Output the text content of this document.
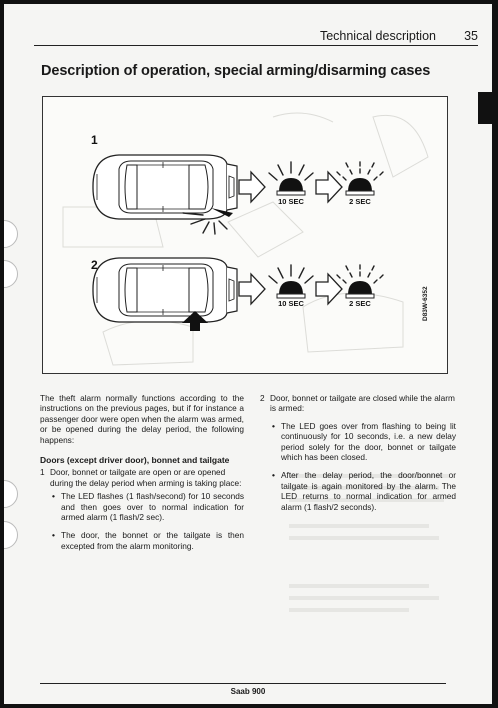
Technical description 35
Description of operation, special arming/disarming cases
1
10 SEC	2 SEC
2
10 SEC	2 SEC	D83W-6352

The theft alarm normally functions according to the instructions on the previous pages, but if for instance a passenger door were open when the alarm was armed, or be opened during the delay period, the following happens:

Doors (except driver door), bonnet and tailgate
1 Door, bonnet or tailgate are open or are opened during the delay period when arming is taking place:
• The LED flashes (1 flash/second) for 10 seconds and then goes over to normal indication for armed alarm (1 flash/2 sec).
• The door, the bonnet or the tailgate is then excepted from the alarm monitoring.
2 Door, bonnet or tailgate are closed while the alarm is armed:
• The LED goes over from flashing to being lit continuously for 10 seconds, i.e. a new delay period solely for the door, bonnet or tailgate which has been closed.
• After the delay period, the door/bonnet or tailgate is again monitored by the alarm. The LED returns to normal indication for armed alarm (1 flash/2 seconds).
Saab 900
